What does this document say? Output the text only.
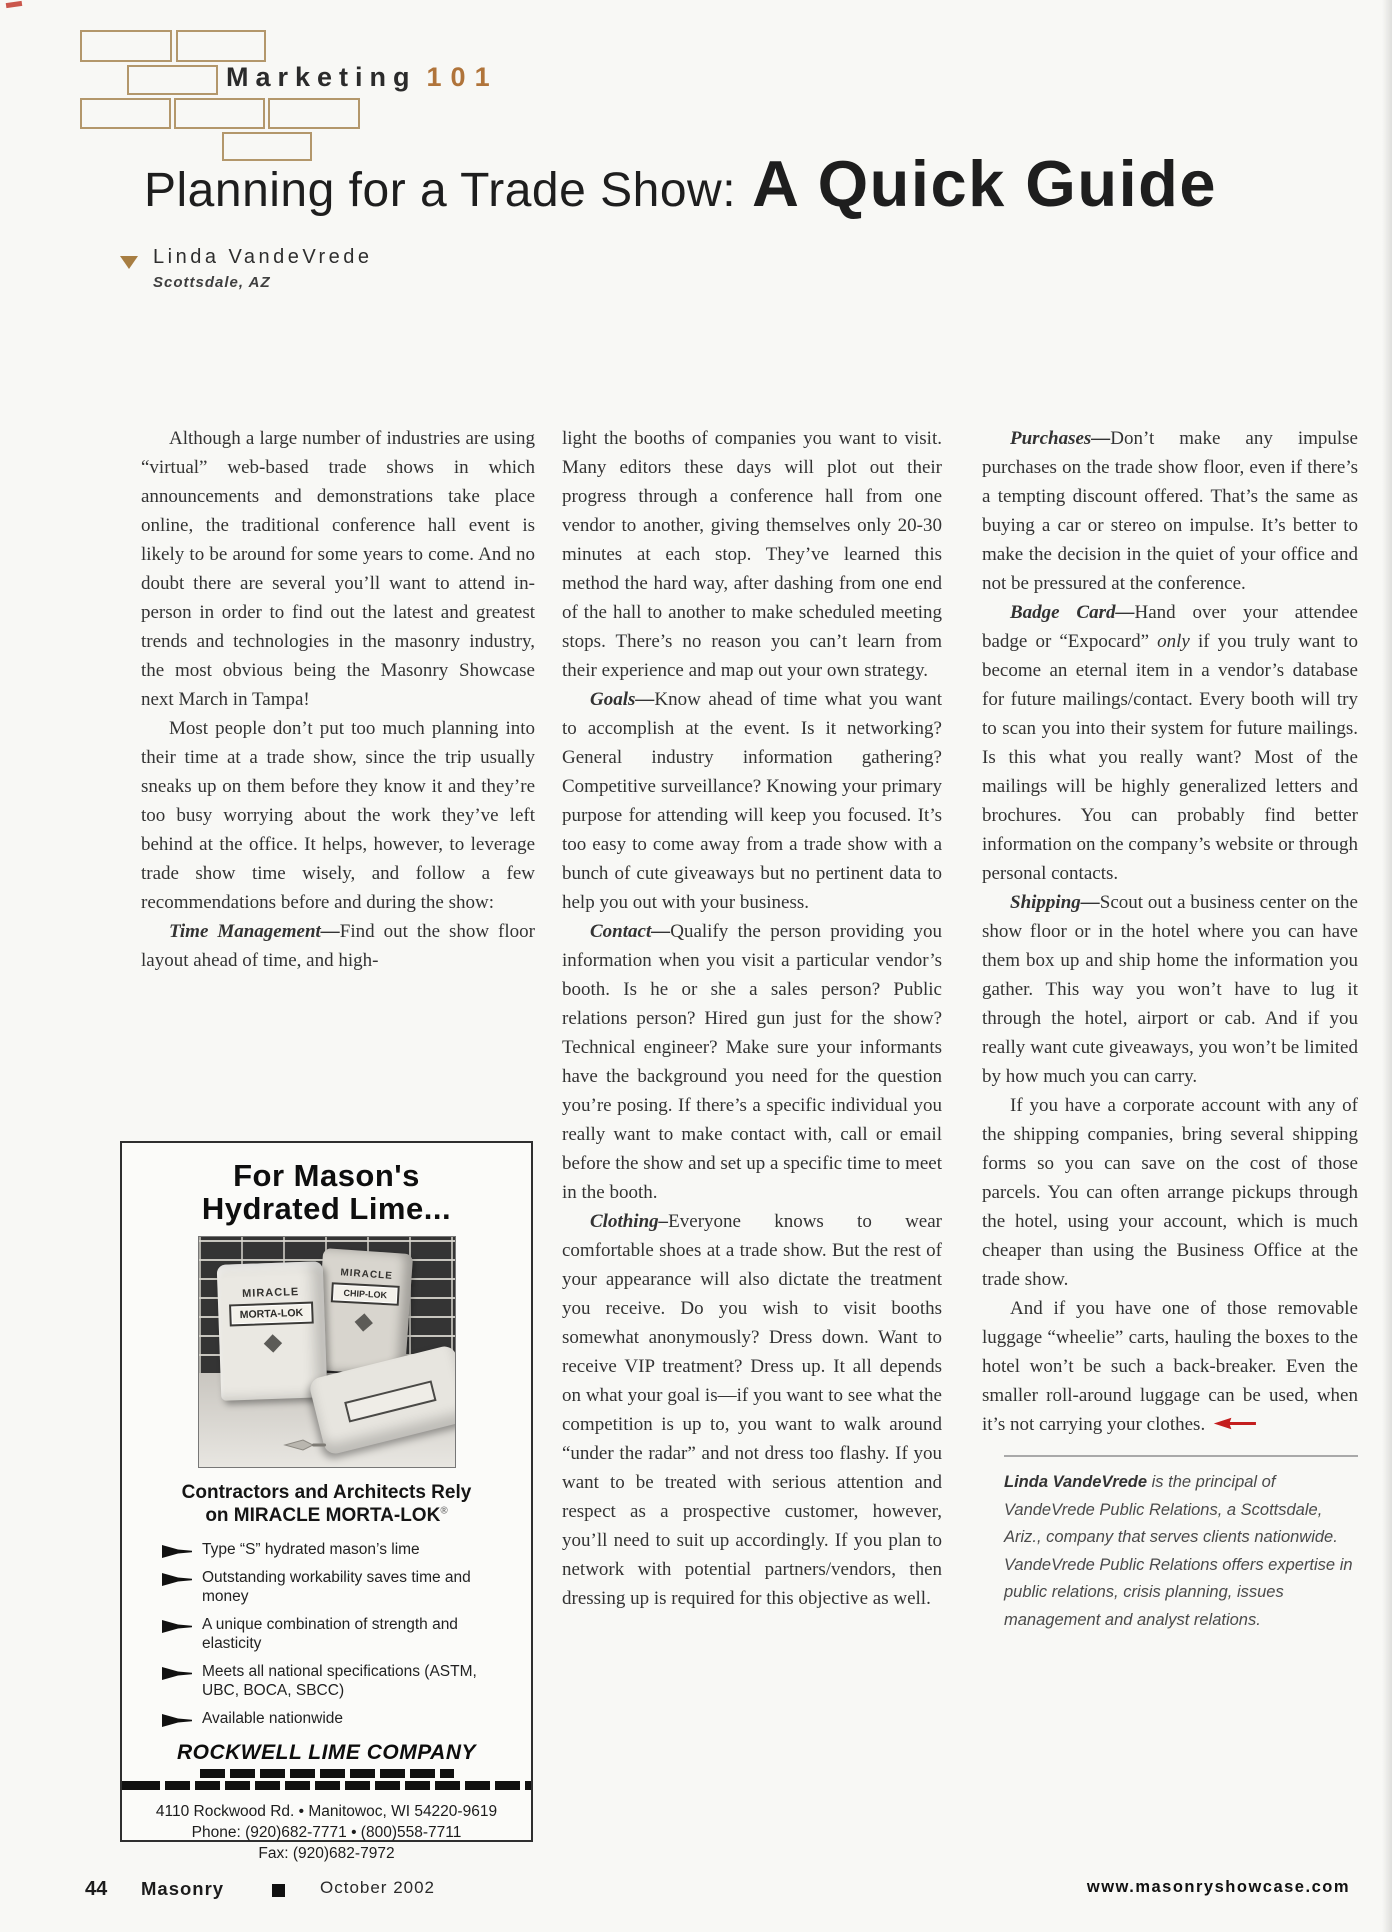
Marketing 101
Planning for a Trade Show: A Quick Guide
Linda VandeVrede
Scottsdale, AZ

Although a large number of industries are using “virtual” web-based trade shows in which announcements and demonstrations take place online, the traditional conference hall event is likely to be around for some years to come. And no doubt there are several you’ll want to attend in-person in order to find out the latest and greatest trends and technologies in the masonry industry, the most obvious being the Masonry Showcase next March in Tampa!

Most people don’t put too much planning into their time at a trade show, since the trip usually sneaks up on them before they know it and they’re too busy worrying about the work they’ve left behind at the office. It helps, however, to leverage trade show time wisely, and follow a few recommendations before and during the show:

Time Management—Find out the show floor layout ahead of time, and high-

light the booths of companies you want to visit. Many editors these days will plot out their progress through a conference hall from one vendor to another, giving themselves only 20-30 minutes at each stop. They’ve learned this method the hard way, after dashing from one end of the hall to another to make scheduled meeting stops. There’s no reason you can’t learn from their experience and map out your own strategy.

Goals—Know ahead of time what you want to accomplish at the event. Is it networking? General industry information gathering? Competitive surveillance? Knowing your primary purpose for attending will keep you focused. It’s too easy to come away from a trade show with a bunch of cute giveaways but no pertinent data to help you out with your business.

Contact—Qualify the person providing you information when you visit a particular vendor’s booth. Is he or she a sales person? Public relations person? Hired gun just for the show? Technical engineer? Make sure your informants have the background you need for the question you’re posing. If there’s a specific individual you really want to make contact with, call or email before the show and set up a specific time to meet in the booth.

Clothing–Everyone knows to wear comfortable shoes at a trade show. But the rest of your appearance will also dictate the treatment you receive. Do you wish to visit booths somewhat anonymously? Dress down. Want to receive VIP treatment? Dress up. It all depends on what your goal is—if you want to see what the competition is up to, you want to walk around “under the radar” and not dress too flashy. If you want to be treated with serious attention and respect as a prospective customer, however, you’ll need to suit up accordingly. If you plan to network with potential partners/vendors, then dressing up is required for this objective as well.

Purchases—Don’t make any impulse purchases on the trade show floor, even if there’s a tempting discount offered. That’s the same as buying a car or stereo on impulse. It’s better to make the decision in the quiet of your office and not be pressured at the conference.

Badge Card—Hand over your attendee badge or “Expocard” only if you truly want to become an eternal item in a vendor’s database for future mailings/contact. Every booth will try to scan you into their system for future mailings. Is this what you really want? Most of the mailings will be highly generalized letters and brochures. You can probably find better information on the company’s website or through personal contacts.

Shipping—Scout out a business center on the show floor or in the hotel where you can have them box up and ship home the information you gather. This way you won’t have to lug it through the hotel, airport or cab. And if you really want cute giveaways, you won’t be limited by how much you can carry.

If you have a corporate account with any of the shipping companies, bring several shipping forms so you can save on the cost of those parcels. You can often arrange pickups through the hotel, using your account, which is much cheaper than using the Business Office at the trade show.

And if you have one of those removable luggage “wheelie” carts, hauling the boxes to the hotel won’t be such a back-breaker. Even the smaller roll-around luggage can be used, when it’s not carrying your clothes.

Linda VandeVrede is the principal of VandeVrede Public Relations, a Scottsdale, Ariz., company that serves clients nationwide. VandeVrede Public Relations offers expertise in public relations, crisis planning, issues management and analyst relations.
For Mason's
Hydrated Lime...
MIRACLE
CHIP-LOK
MIRACLE
MORTA-LOK
Contractors and Architects Rely
on MIRACLE MORTA-LOK®
Type “S” hydrated mason’s lime
Outstanding workability saves time and money
A unique combination of strength and elasticity
Meets all national specifications (ASTM, UBC, BOCA, SBCC)
Available nationwide
ROCKWELL LIME COMPANY
4110 Rockwood Rd. • Manitowoc, WI 54220-9619
Phone: (920)682-7771 • (800)558-7711
Fax: (920)682-7972
44 Masonry	October 2002	www.masonryshowcase.com
